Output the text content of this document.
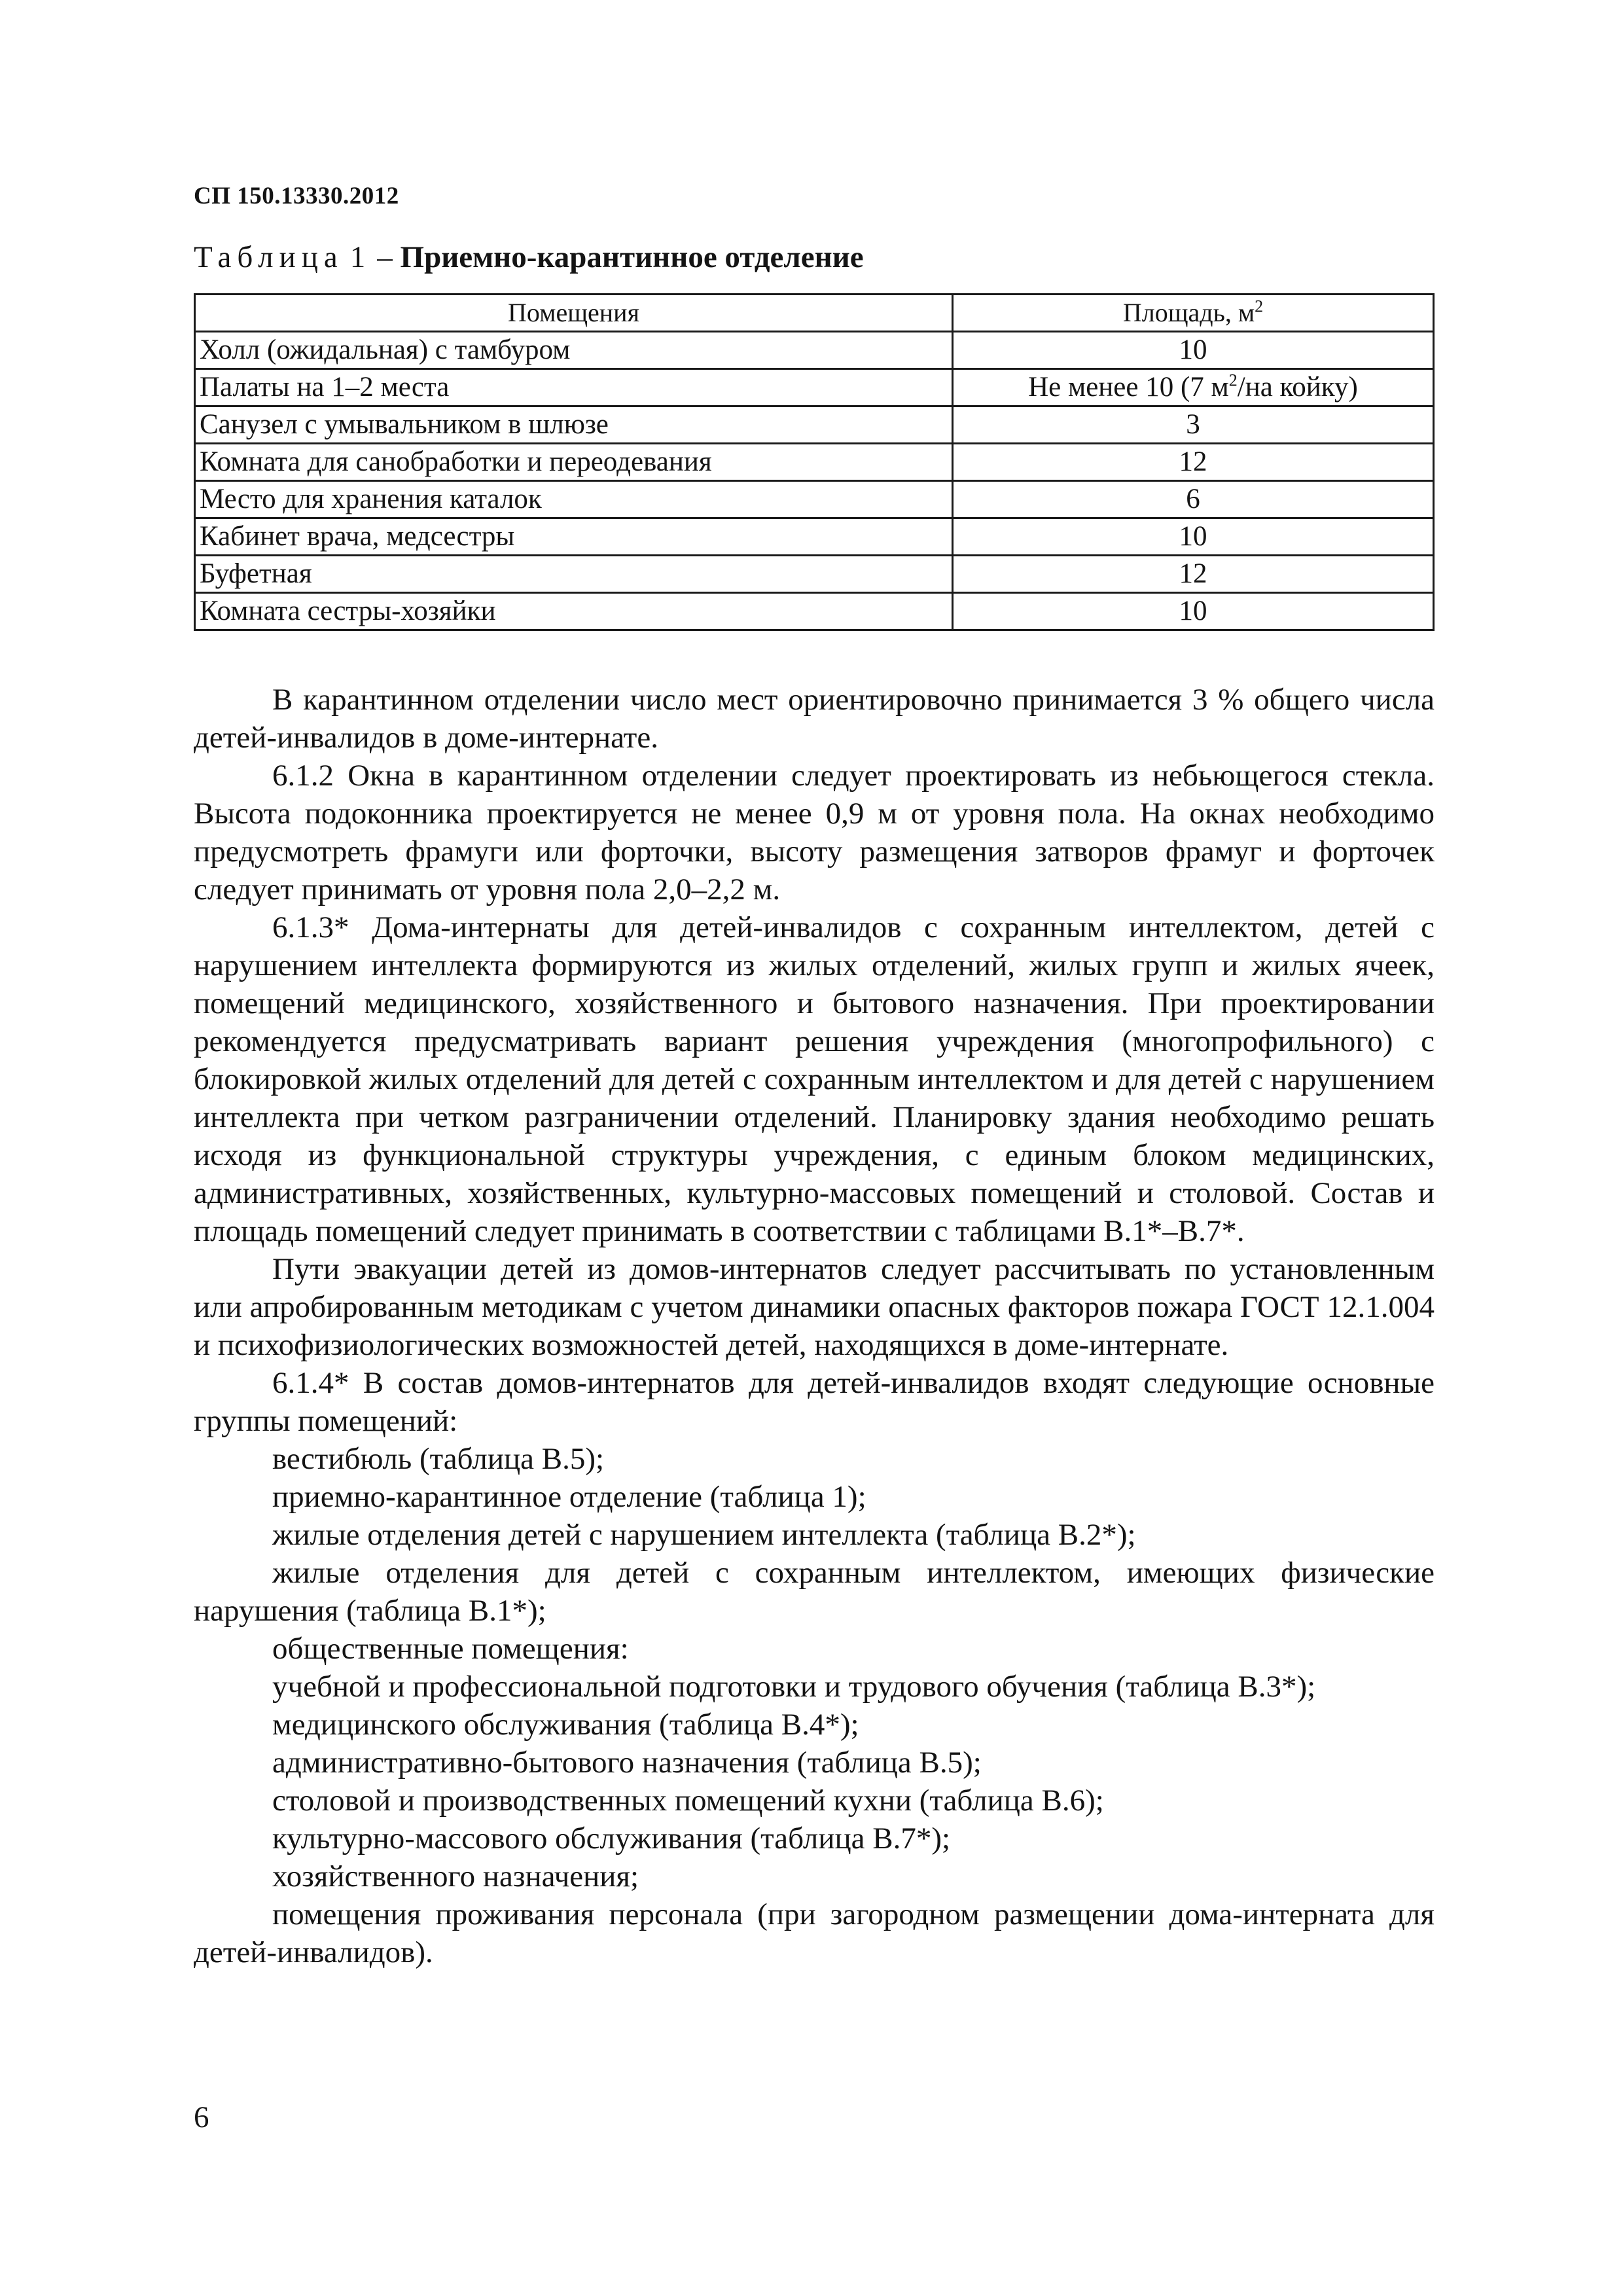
СП 150.13330.2012
Таблица 1 – Приемно-карантинное отделение
Помещения	Площадь, $м^2$
Холл (ожидальная) с тамбуром	10
Палаты на 1–2 места	Не менее 10 (7 $м^2/на$ койку)
Санузел с умывальником в шлюзе	3
Комната для санобработки и переодевания	12
Место для хранения каталок	6
Кабинет врача, медсестры	10
Буфетная	12
Комната сестры-хозяйки	10

В карантинном отделении число мест ориентировочно принимается 3 % общего числа детей-инвалидов в доме-интернате.

6.1.2 Окна в карантинном отделении следует проектировать из небьющегося стекла. Высота подоконника проектируется не менее 0,9 м от уровня пола. На окнах необходимо предусмотреть фрамуги или форточки, высоту размещения затворов фрамуг и форточек следует принимать от уровня пола 2,0–2,2 м.

6.1.3* Дома-интернаты для детей-инвалидов с сохранным интеллектом, детей с нарушением интеллекта формируются из жилых отделений, жилых групп и жилых ячеек, помещений медицинского, хозяйственного и бытового назначения. При проектировании рекомендуется предусматривать вариант решения учреждения (многопрофильного) с блокировкой жилых отделений для детей с сохранным интеллектом и для детей с нарушением интеллекта при четком разграничении отделений. Планировку здания необходимо решать исходя из функциональной структуры учреждения, с единым блоком медицинских, административных, хозяйственных, культурно-массовых помещений и столовой. Состав и площадь помещений следует принимать в соответствии с таблицами В.1*–В.7*.

Пути эвакуации детей из домов-интернатов следует рассчитывать по установленным или апробированным методикам с учетом динамики опасных факторов пожара ГОСТ 12.1.004 и психофизиологических возможностей детей, находящихся в доме-интернате.

6.1.4* В состав домов-интернатов для детей-инвалидов входят следующие основные группы помещений:

вестибюль (таблица В.5);

приемно-карантинное отделение (таблица 1);

жилые отделения детей с нарушением интеллекта (таблица В.2*);

жилые отделения для детей с сохранным интеллектом, имеющих физические нарушения (таблица В.1*);

общественные помещения:

учебной и профессиональной подготовки и трудового обучения (таблица В.3*);

медицинского обслуживания (таблица В.4*);

административно-бытового назначения (таблица В.5);

столовой и производственных помещений кухни (таблица В.6);

культурно-массового обслуживания (таблица В.7*);

хозяйственного назначения;

помещения проживания персонала (при загородном размещении дома-интерната для детей-инвалидов).

6
